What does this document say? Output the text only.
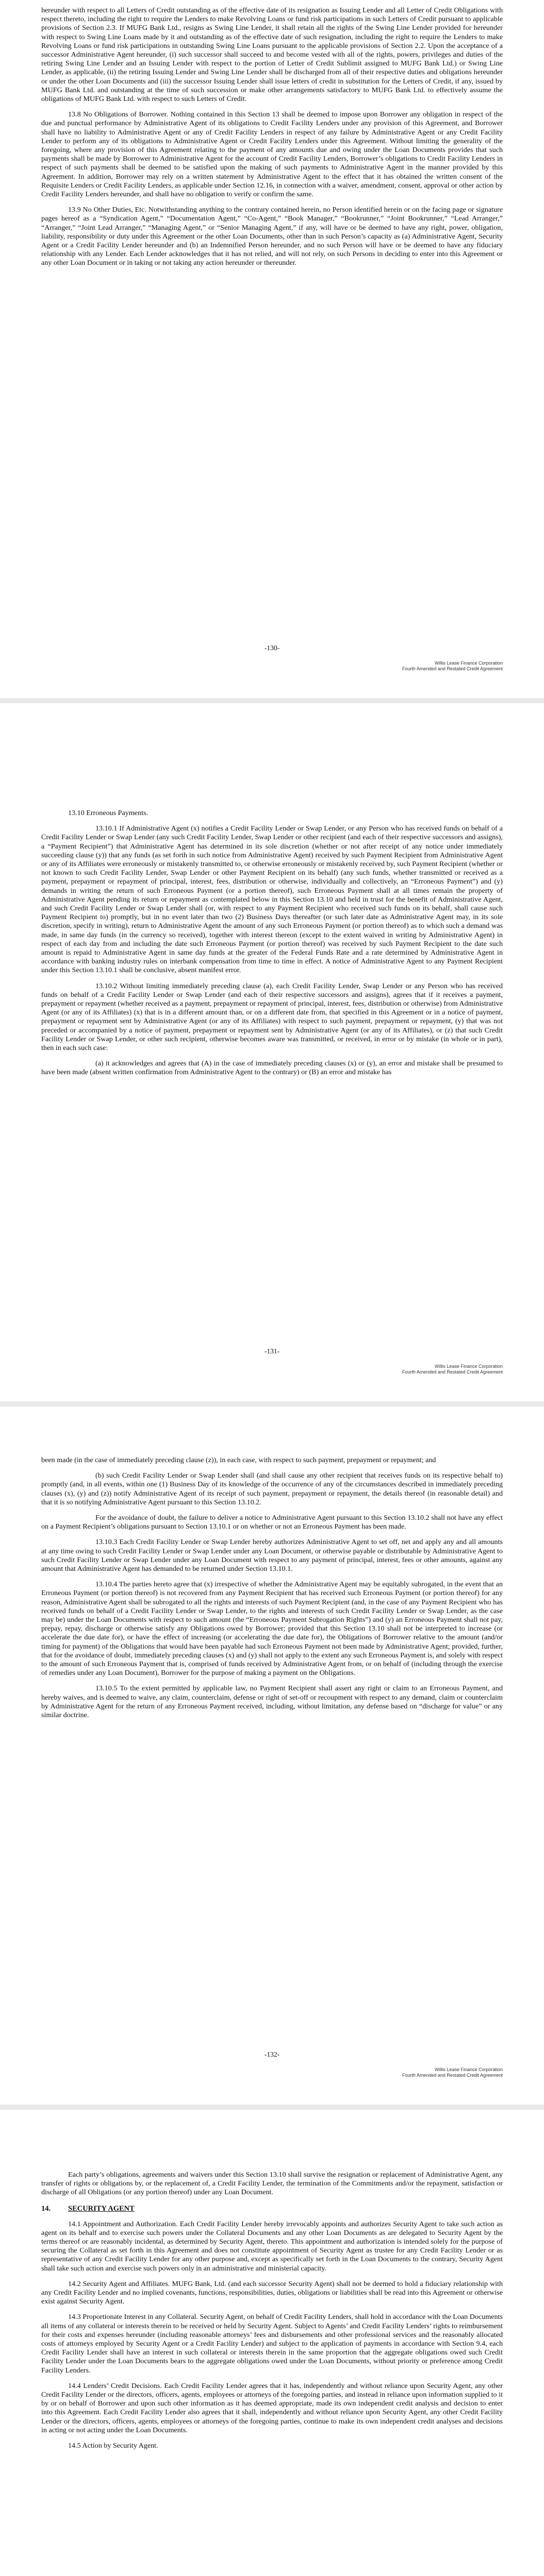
hereunder with respect to all Letters of Credit outstanding as of the effective date of its resignation as Issuing Lender and all Letter of Credit Obligations with respect thereto, including the right to require the Lenders to make Revolving Loans or fund risk participations in such Letters of Credit pursuant to applicable provisions of Section 2.3. If MUFG Bank Ltd., resigns as Swing Line Lender, it shall retain all the rights of the Swing Line Lender provided for hereunder with respect to Swing Line Loans made by it and outstanding as of the effective date of such resignation, including the right to require the Lenders to make Revolving Loans or fund risk participations in outstanding Swing Line Loans pursuant to the applicable provisions of Section 2.2. Upon the acceptance of a successor Administrative Agent hereunder, (i) such successor shall succeed to and become vested with all of the rights, powers, privileges and duties of the retiring Swing Line Lender and an Issuing Lender with respect to the portion of Letter of Credit Sublimit assigned to MUFG Bank Ltd.) or Swing Line Lender, as applicable, (ii) the retiring Issuing Lender and Swing Line Lender shall be discharged from all of their respective duties and obligations hereunder or under the other Loan Documents and (iii) the successor Issuing Lender shall issue letters of credit in substitution for the Letters of Credit, if any, issued by MUFG Bank Ltd. and outstanding at the time of such succession or make other arrangements satisfactory to MUFG Bank Ltd. to effectively assume the obligations of MUFG Bank Ltd. with respect to such Letters of Credit.

13.8 No Obligations of Borrower. Nothing contained in this Section 13 shall be deemed to impose upon Borrower any obligation in respect of the due and punctual performance by Administrative Agent of its obligations to Credit Facility Lenders under any provision of this Agreement, and Borrower shall have no liability to Administrative Agent or any of Credit Facility Lenders in respect of any failure by Administrative Agent or any Credit Facility Lender to perform any of its obligations to Administrative Agent or Credit Facility Lenders under this Agreement. Without limiting the generality of the foregoing, where any provision of this Agreement relating to the payment of any amounts due and owing under the Loan Documents provides that such payments shall be made by Borrower to Administrative Agent for the account of Credit Facility Lenders, Borrower’s obligations to Credit Facility Lenders in respect of such payments shall be deemed to be satisfied upon the making of such payments to Administrative Agent in the manner provided by this Agreement. In addition, Borrower may rely on a written statement by Administrative Agent to the effect that it has obtained the written consent of the Requisite Lenders or Credit Facility Lenders, as applicable under Section 12.16, in connection with a waiver, amendment, consent, approval or other action by Credit Facility Lenders hereunder, and shall have no obligation to verify or confirm the same.

13.9 No Other Duties, Etc. Notwithstanding anything to the contrary contained herein, no Person identified herein or on the facing page or signature pages hereof as a “Syndication Agent,” “Documentation Agent,” “Co-Agent,” “Book Manager,” “Bookrunner,” “Joint Bookrunner,” “Lead Arranger,” “Arranger,” “Joint Lead Arranger,” “Managing Agent,” or “Senior Managing Agent,” if any, will have or be deemed to have any right, power, obligation, liability, responsibility or duty under this Agreement or the other Loan Documents, other than in such Person’s capacity as (a) Administrative Agent, Security Agent or a Credit Facility Lender hereunder and (b) an Indemnified Person hereunder, and no such Person will have or be deemed to have any fiduciary relationship with any Lender. Each Lender acknowledges that it has not relied, and will not rely, on such Persons in deciding to enter into this Agreement or any other Loan Document or in taking or not taking any action hereunder or thereunder.

-130-
Willis Lease Finance Corporation
Fourth Amended and Restated Credit Agreement
13.10 Erroneous Payments.

13.10.1 If Administrative Agent (x) notifies a Credit Facility Lender or Swap Lender, or any Person who has received funds on behalf of a Credit Facility Lender or Swap Lender (any such Credit Facility Lender, Swap Lender or other recipient (and each of their respective successors and assigns), a “Payment Recipient”) that Administrative Agent has determined in its sole discretion (whether or not after receipt of any notice under immediately succeeding clause (y)) that any funds (as set forth in such notice from Administrative Agent) received by such Payment Recipient from Administrative Agent or any of its Affiliates were erroneously or mistakenly transmitted to, or otherwise erroneously or mistakenly received by, such Payment Recipient (whether or not known to such Credit Facility Lender, Swap Lender or other Payment Recipient on its behalf) (any such funds, whether transmitted or received as a payment, prepayment or repayment of principal, interest, fees, distribution or otherwise, individually and collectively, an “Erroneous Payment”) and (y) demands in writing the return of such Erroneous Payment (or a portion thereof), such Erroneous Payment shall at all times remain the property of Administrative Agent pending its return or repayment as contemplated below in this Section 13.10 and held in trust for the benefit of Administrative Agent, and such Credit Facility Lender or Swap Lender shall (or, with respect to any Payment Recipient who received such funds on its behalf, shall cause such Payment Recipient to) promptly, but in no event later than two (2) Business Days thereafter (or such later date as Administrative Agent may, in its sole discretion, specify in writing), return to Administrative Agent the amount of any such Erroneous Payment (or portion thereof) as to which such a demand was made, in same day funds (in the currency so received), together with interest thereon (except to the extent waived in writing by Administrative Agent) in respect of each day from and including the date such Erroneous Payment (or portion thereof) was received by such Payment Recipient to the date such amount is repaid to Administrative Agent in same day funds at the greater of the Federal Funds Rate and a rate determined by Administrative Agent in accordance with banking industry rules on interbank compensation from time to time in effect. A notice of Administrative Agent to any Payment Recipient under this Section 13.10.1 shall be conclusive, absent manifest error.

13.10.2 Without limiting immediately preceding clause (a), each Credit Facility Lender, Swap Lender or any Person who has received funds on behalf of a Credit Facility Lender or Swap Lender (and each of their respective successors and assigns), agrees that if it receives a payment, prepayment or repayment (whether received as a payment, prepayment or repayment of principal, interest, fees, distribution or otherwise) from Administrative Agent (or any of its Affiliates) (x) that is in a different amount than, or on a different date from, that specified in this Agreement or in a notice of payment, prepayment or repayment sent by Administrative Agent (or any of its Affiliates) with respect to such payment, prepayment or repayment, (y) that was not preceded or accompanied by a notice of payment, prepayment or repayment sent by Administrative Agent (or any of its Affiliates), or (z) that such Credit Facility Lender or Swap Lender, or other such recipient, otherwise becomes aware was transmitted, or received, in error or by mistake (in whole or in part), then in each such case:

(a) it acknowledges and agrees that (A) in the case of immediately preceding clauses (x) or (y), an error and mistake shall be presumed to have been made (absent written confirmation from Administrative Agent to the contrary) or (B) an error and mistake has

-131-
Willis Lease Finance Corporation
Fourth Amended and Restated Credit Agreement

been made (in the case of immediately preceding clause (z)), in each case, with respect to such payment, prepayment or repayment; and

(b) such Credit Facility Lender or Swap Lender shall (and shall cause any other recipient that receives funds on its respective behalf to) promptly (and, in all events, within one (1) Business Day of its knowledge of the occurrence of any of the circumstances described in immediately preceding clauses (x), (y) and (z)) notify Administrative Agent of its receipt of such payment, prepayment or repayment, the details thereof (in reasonable detail) and that it is so notifying Administrative Agent pursuant to this Section 13.10.2.

For the avoidance of doubt, the failure to deliver a notice to Administrative Agent pursuant to this Section 13.10.2 shall not have any effect on a Payment Recipient’s obligations pursuant to Section 13.10.1 or on whether or not an Erroneous Payment has been made.

13.10.3 Each Credit Facility Lender or Swap Lender hereby authorizes Administrative Agent to set off, net and apply any and all amounts at any time owing to such Credit Facility Lender or Swap Lender under any Loan Document, or otherwise payable or distributable by Administrative Agent to such Credit Facility Lender or Swap Lender under any Loan Document with respect to any payment of principal, interest, fees or other amounts, against any amount that Administrative Agent has demanded to be returned under Section 13.10.1.

13.10.4 The parties hereto agree that (x) irrespective of whether the Administrative Agent may be equitably subrogated, in the event that an Erroneous Payment (or portion thereof) is not recovered from any Payment Recipient that has received such Erroneous Payment (or portion thereof) for any reason, Administrative Agent shall be subrogated to all the rights and interests of such Payment Recipient (and, in the case of any Payment Recipient who has received funds on behalf of a Credit Facility Lender or Swap Lender, to the rights and interests of such Credit Facility Lender or Swap Lender, as the case may be) under the Loan Documents with respect to such amount (the “Erroneous Payment Subrogation Rights”) and (y) an Erroneous Payment shall not pay, prepay, repay, discharge or otherwise satisfy any Obligations owed by Borrower; provided that this Section 13.10 shall not be interpreted to increase (or accelerate the due date for), or have the effect of increasing (or accelerating the due date for), the Obligations of Borrower relative to the amount (and/or timing for payment) of the Obligations that would have been payable had such Erroneous Payment not been made by Administrative Agent; provided, further, that for the avoidance of doubt, immediately preceding clauses (x) and (y) shall not apply to the extent any such Erroneous Payment is, and solely with respect to the amount of such Erroneous Payment that is, comprised of funds received by Administrative Agent from, or on behalf of (including through the exercise of remedies under any Loan Document), Borrower for the purpose of making a payment on the Obligations.

13.10.5 To the extent permitted by applicable law, no Payment Recipient shall assert any right or claim to an Erroneous Payment, and hereby waives, and is deemed to waive, any claim, counterclaim, defense or right of set-off or recoupment with respect to any demand, claim or counterclaim by Administrative Agent for the return of any Erroneous Payment received, including, without limitation, any defense based on “discharge for value” or any similar doctrine.

-132-
Willis Lease Finance Corporation
Fourth Amended and Restated Credit Agreement

Each party’s obligations, agreements and waivers under this Section 13.10 shall survive the resignation or replacement of Administrative Agent, any transfer of rights or obligations by, or the replacement of, a Credit Facility Lender, the termination of the Commitments and/or the repayment, satisfaction or discharge of all Obligations (or any portion thereof) under any Loan Document.

14. SECURITY AGENT

14.1 Appointment and Authorization. Each Credit Facility Lender hereby irrevocably appoints and authorizes Security Agent to take such action as agent on its behalf and to exercise such powers under the Collateral Documents and any other Loan Documents as are delegated to Security Agent by the terms thereof or are reasonably incidental, as determined by Security Agent, thereto. This appointment and authorization is intended solely for the purpose of securing the Collateral as set forth in this Agreement and does not constitute appointment of Security Agent as trustee for any Credit Facility Lender or as representative of any Credit Facility Lender for any other purpose and, except as specifically set forth in the Loan Documents to the contrary, Security Agent shall take such action and exercise such powers only in an administrative and ministerial capacity.

14.2 Security Agent and Affiliates. MUFG Bank, Ltd. (and each successor Security Agent) shall not be deemed to hold a fiduciary relationship with any Credit Facility Lender and no implied covenants, functions, responsibilities, duties, obligations or liabilities shall be read into this Agreement or otherwise exist against Security Agent.

14.3 Proportionate Interest in any Collateral. Security Agent, on behalf of Credit Facility Lenders, shall hold in accordance with the Loan Documents all items of any collateral or interests therein to be received or held by Security Agent. Subject to Agents’ and Credit Facility Lenders’ rights to reimbursement for their costs and expenses hereunder (including reasonable attorneys’ fees and disbursements and other professional services and the reasonably allocated costs of attorneys employed by Security Agent or a Credit Facility Lender) and subject to the application of payments in accordance with Section 9.4, each Credit Facility Lender shall have an interest in such collateral or interests therein in the same proportion that the aggregate obligations owed such Credit Facility Lender under the Loan Documents bears to the aggregate obligations owed under the Loan Documents, without priority or preference among Credit Facility Lenders.

14.4 Lenders’ Credit Decisions. Each Credit Facility Lender agrees that it has, independently and without reliance upon Security Agent, any other Credit Facility Lender or the directors, officers, agents, employees or attorneys of the foregoing parties, and instead in reliance upon information supplied to it by or on behalf of Borrower and upon such other information as it has deemed appropriate, made its own independent credit analysis and decision to enter into this Agreement. Each Credit Facility Lender also agrees that it shall, independently and without reliance upon Security Agent, any other Credit Facility Lender or the directors, officers, agents, employees or attorneys of the foregoing parties, continue to make its own independent credit analyses and decisions in acting or not acting under the Loan Documents.

14.5 Action by Security Agent.
